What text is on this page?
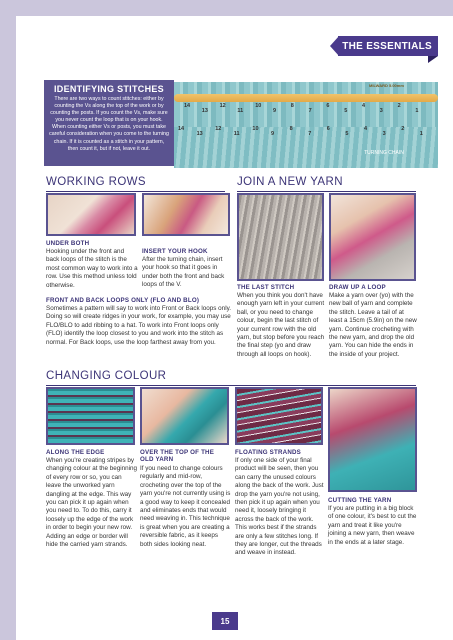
THE ESSENTIALS
IDENTIFYING STITCHES
There are two ways to count stitches: either by counting the Vs along the top of the work or by counting the posts. If you count the Vs, make sure you never count the loop that is on your hook. When counting either Vs or posts, you must take careful consideration when you come to the turning chain. If it is counted as a stitch in your pattern, then count it, but if not, leave it out.
MILWARD 5.00mm
14
13
12
11
10
9
8
7
6
5
4
3
2
1
14
13
12
11
10
9
8
7
6
5
4
3
2
1
TURNING CHAIN
WORKING ROWS
UNDER BOTH
Hooking under the front and back loops of the stitch is the most common way to work into a row. Use this method unless told otherwise.
INSERT YOUR HOOK
After the turning chain, insert your hook so that it goes in under both the front and back loops of the V.
FRONT AND BACK LOOPS ONLY (FLO AND BLO)
Sometimes a pattern will say to work into Front or Back loops only. Doing so will create ridges in your work, for example, you may use FLO/BLO to add ribbing to a hat. To work into Front loops only (FLO) identify the loop closest to you and work into the stitch as normal. For Back loops, use the loop farthest away from you.
JOIN A NEW YARN
THE LAST STITCH
When you think you don't have enough yarn left in your current ball, or you need to change colour, begin the last stitch of your current row with the old yarn, but stop before you reach the final step (yo and draw through all loops on hook).
DRAW UP A LOOP
Make a yarn over (yo) with the new ball of yarn and complete the stitch. Leave a tail of at least a 15cm (5.9in) on the new yarn. Continue crocheting with the new yarn, and drop the old yarn. You can hide the ends in the inside of your project.
CHANGING COLOUR
ALONG THE EDGE
When you're creating stripes by changing colour at the beginning of every row or so, you can leave the unworked yarn dangling at the edge. This way you can pick it up again when you need to. To do this, carry it loosely up the edge of the work in order to begin your new row. Adding an edge or border will hide the carried yarn strands.
OVER THE TOP OF THE OLD YARN
If you need to change colours regularly and mid-row, crocheting over the top of the yarn you're not currently using is a good way to keep it concealed and eliminates ends that would need weaving in. This technique is great when you are creating a reversible fabric, as it keeps both sides looking neat.
FLOATING STRANDS
If only one side of your final product will be seen, then you can carry the unused colours along the back of the work. Just drop the yarn you're not using, then pick it up again when you need it, loosely bringing it across the back of the work. This works best if the strands are only a few stitches long. If they are longer, cut the threads and weave in instead.
CUTTING THE YARN
If you are putting in a big block of one colour, it's best to cut the yarn and treat it like you're joining a new yarn, then weave in the ends at a later stage.
15
